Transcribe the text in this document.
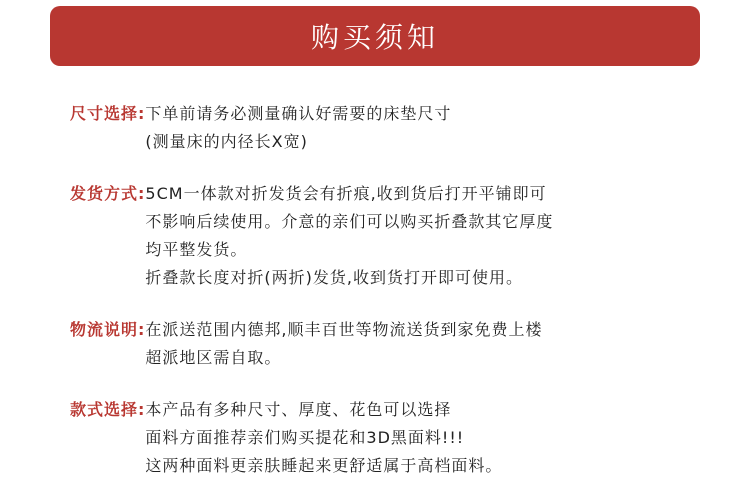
购买须知
尺寸选择: 下单前请务必测量确认好需要的床垫尺寸
(测量床的内径长X宽)
发货方式: 5CM一体款对折发货会有折痕,收到货后打开平铺即可
不影响后续使用。介意的亲们可以购买折叠款其它厚度
均平整发货。
折叠款长度对折(两折)发货,收到货打开即可使用。
物流说明: 在派送范围内德邦,顺丰百世等物流送货到家免费上楼
超派地区需自取。
款式选择: 本产品有多种尺寸、厚度、花色可以选择
面料方面推荐亲们购买提花和3D黑面料!!!
这两种面料更亲肤睡起来更舒适属于高档面料。
